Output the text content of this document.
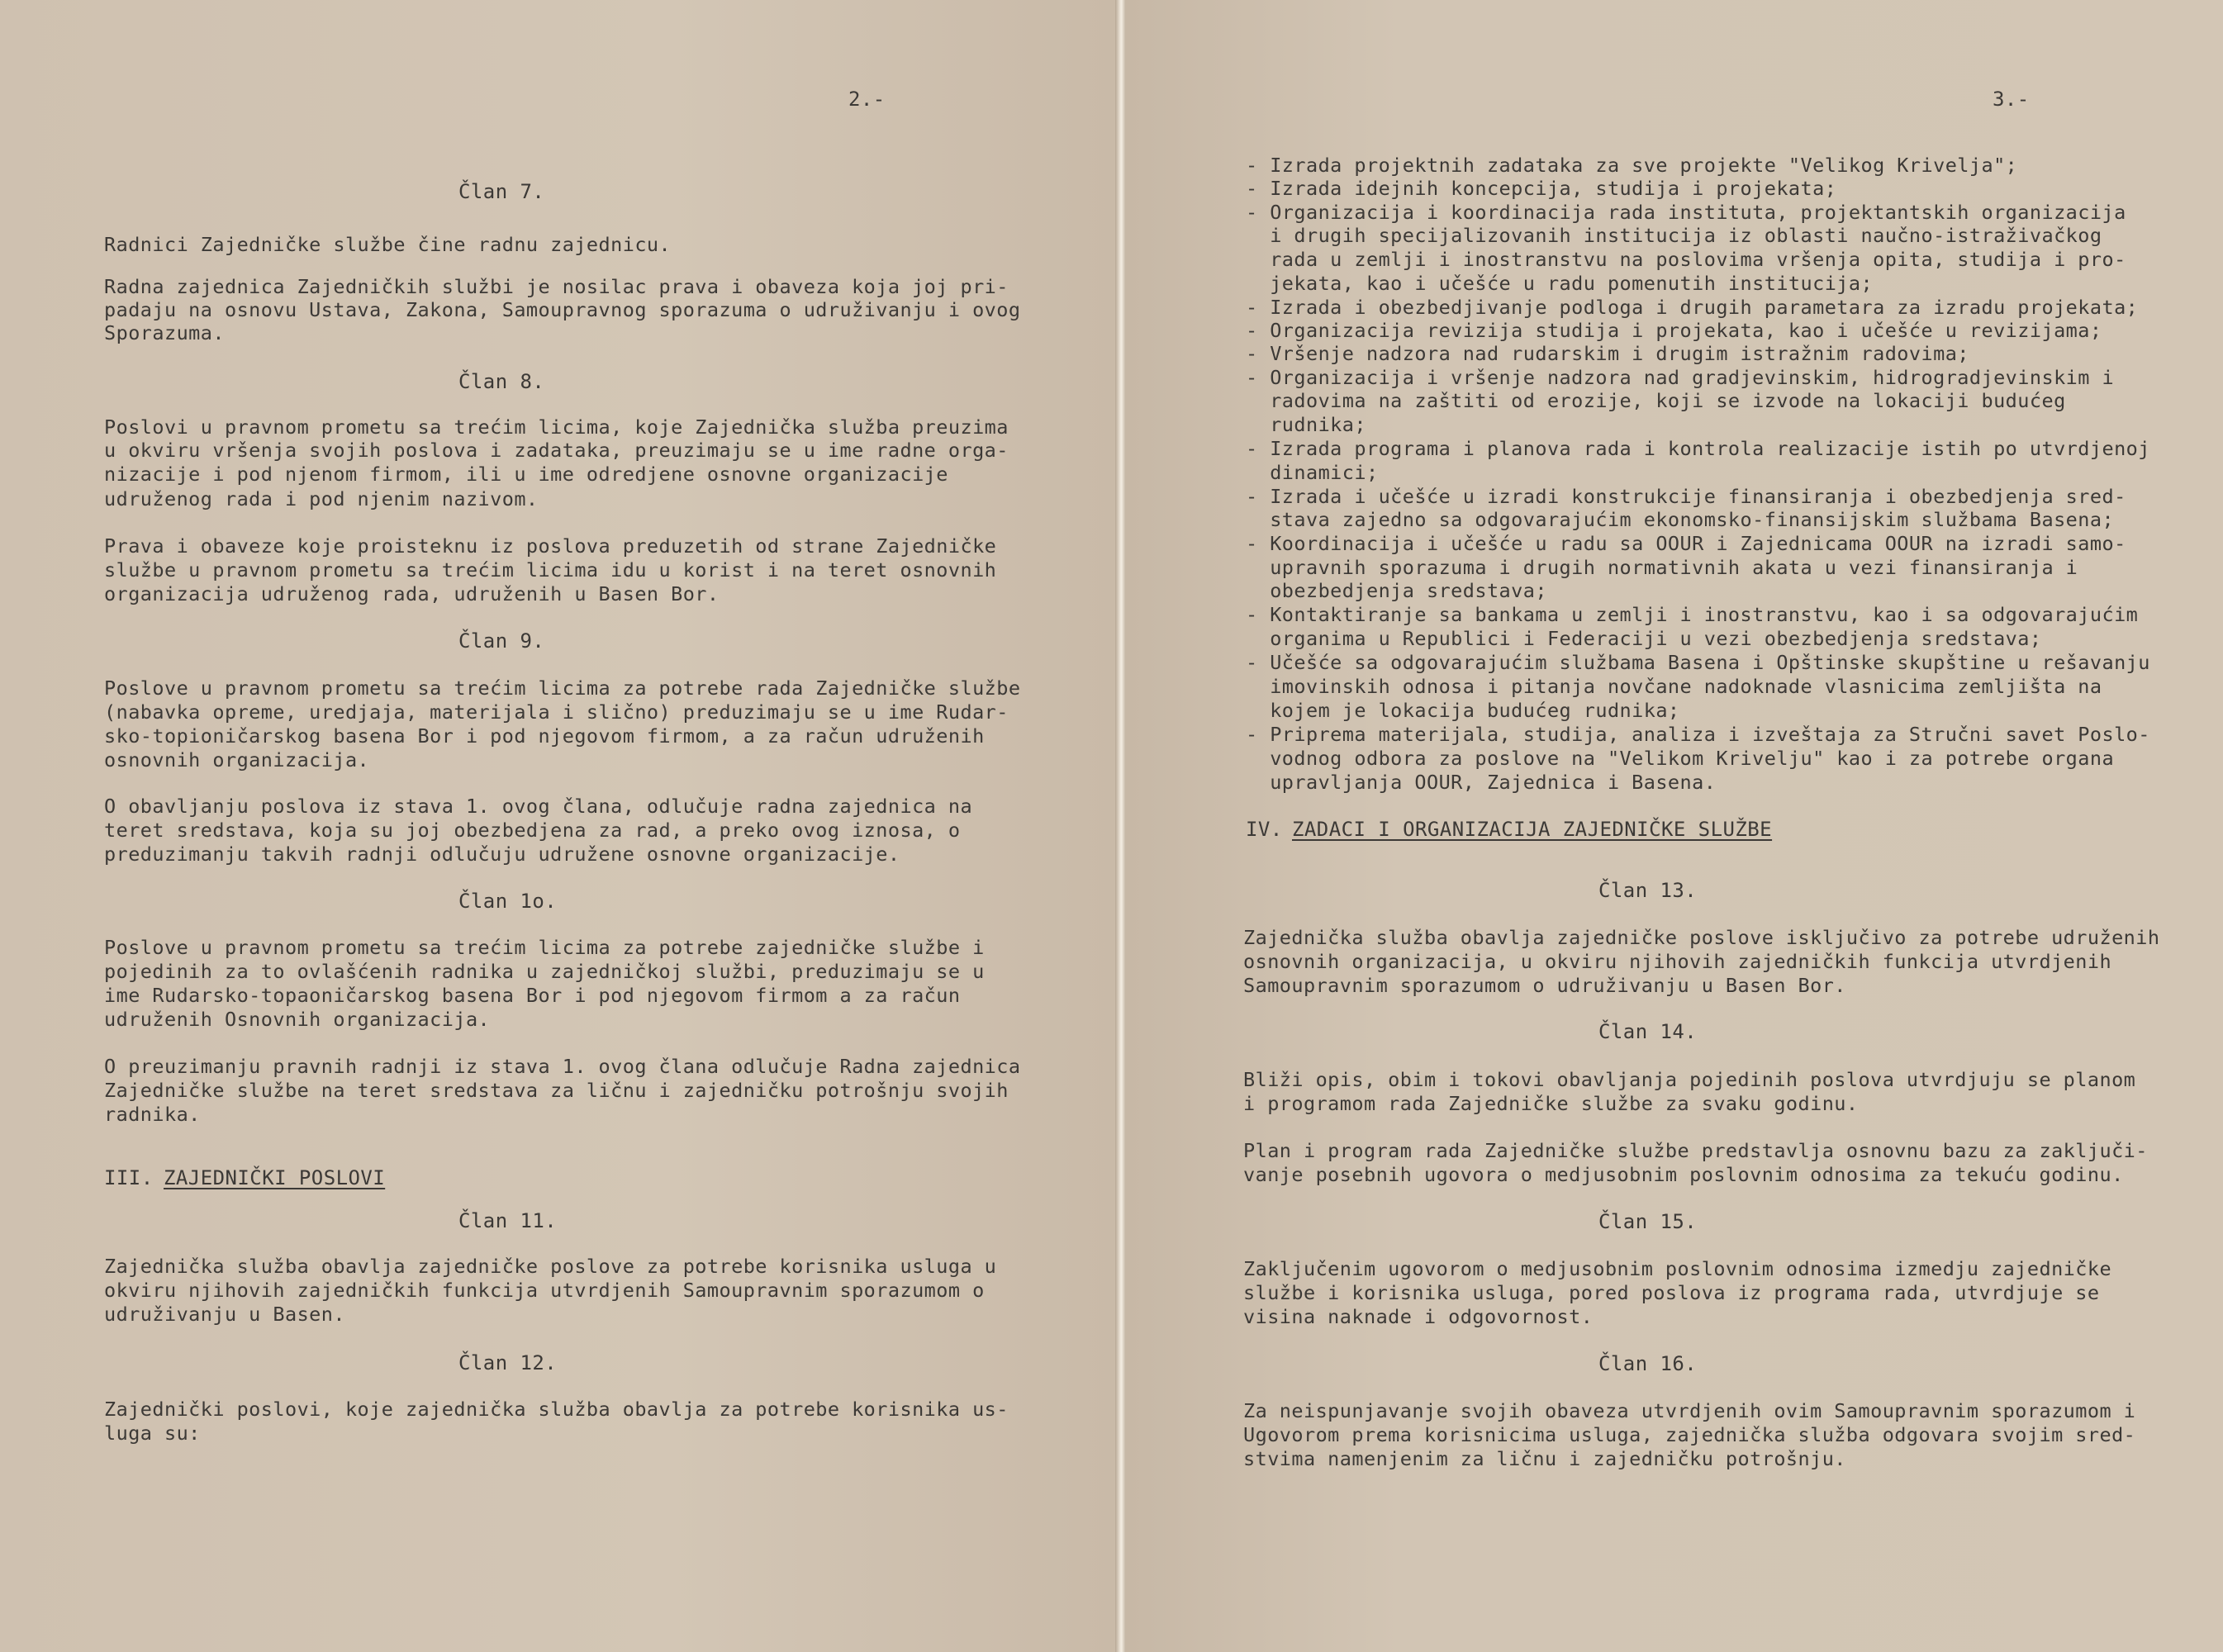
2.-
Član 7.
Radnici Zajedničke službe čine radnu zajednicu.
Radna zajednica Zajedničkih službi je nosilac prava i obaveza koja joj pri-
padaju na osnovu Ustava, Zakona, Samoupravnog sporazuma o udruživanju i ovog
Sporazuma.
Član 8.
Poslovi u pravnom prometu sa trećim licima, koje Zajednička služba preuzima
u okviru vršenja svojih poslova i zadataka, preuzimaju se u ime radne orga-
nizacije i pod njenom firmom, ili u ime odredjene osnovne organizacije
udruženog rada i pod njenim nazivom.
Prava i obaveze koje proisteknu iz poslova preduzetih od strane Zajedničke
službe u pravnom prometu sa trećim licima idu u korist i na teret osnovnih
organizacija udruženog rada, udruženih u Basen Bor.
Član 9.
Poslove u pravnom prometu sa trećim licima za potrebe rada Zajedničke službe
(nabavka opreme, uredjaja, materijala i slično) preduzimaju se u ime Rudar-
sko-topioničarskog basena Bor i pod njegovom firmom, a za račun udruženih
osnovnih organizacija.
O obavljanju poslova iz stava 1. ovog člana, odlučuje radna zajednica na
teret sredstava, koja su joj obezbedjena za rad, a preko ovog iznosa, o
preduzimanju takvih radnji odlučuju udružene osnovne organizacije.
Član 1o.
Poslove u pravnom prometu sa trećim licima za potrebe zajedničke službe i
pojedinih za to ovlašćenih radnika u zajedničkoj službi, preduzimaju se u
ime Rudarsko-topaoničarskog basena Bor i pod njegovom firmom a za račun
udruženih Osnovnih organizacija.
O preuzimanju pravnih radnji iz stava 1. ovog člana odlučuje Radna zajednica
Zajedničke službe na teret sredstava za ličnu i zajedničku potrošnju svojih
radnika.
III. ZAJEDNIČKI POSLOVI
Član 11.
Zajednička služba obavlja zajedničke poslove za potrebe korisnika usluga u
okviru njihovih zajedničkih funkcija utvrdjenih Samoupravnim sporazumom o
udruživanju u Basen.
Član 12.
Zajednički poslovi, koje zajednička služba obavlja za potrebe korisnika us-
luga su:
3.-
- Izrada projektnih zadataka za sve projekte "Velikog Krivelja";
- Izrada idejnih koncepcija, studija i projekata;
- Organizacija i koordinacija rada instituta, projektantskih organizacija
i drugih specijalizovanih institucija iz oblasti naučno-istraživačkog
rada u zemlji i inostranstvu na poslovima vršenja opita, studija i pro-
jekata, kao i učešće u radu pomenutih institucija;
- Izrada i obezbedjivanje podloga i drugih parametara za izradu projekata;
- Organizacija revizija studija i projekata, kao i učešće u revizijama;
- Vršenje nadzora nad rudarskim i drugim istražnim radovima;
- Organizacija i vršenje nadzora nad gradjevinskim, hidrogradjevinskim i
radovima na zaštiti od erozije, koji se izvode na lokaciji budućeg
rudnika;
- Izrada programa i planova rada i kontrola realizacije istih po utvrdjenoj
dinamici;
- Izrada i učešće u izradi konstrukcije finansiranja i obezbedjenja sred-
stava zajedno sa odgovarajućim ekonomsko-finansijskim službama Basena;
- Koordinacija i učešće u radu sa OOUR i Zajednicama OOUR na izradi samo-
upravnih sporazuma i drugih normativnih akata u vezi finansiranja i
obezbedjenja sredstava;
- Kontaktiranje sa bankama u zemlji i inostranstvu, kao i sa odgovarajućim
organima u Republici i Federaciji u vezi obezbedjenja sredstava;
- Učešće sa odgovarajućim službama Basena i Opštinske skupštine u rešavanju
imovinskih odnosa i pitanja novčane nadoknade vlasnicima zemljišta na
kojem je lokacija budućeg rudnika;
- Priprema materijala, studija, analiza i izveštaja za Stručni savet Poslo-
vodnog odbora za poslove na "Velikom Krivelju" kao i za potrebe organa
upravljanja OOUR, Zajednica i Basena.
IV. ZADACI I ORGANIZACIJA ZAJEDNIČKE SLUŽBE
Član 13.
Zajednička služba obavlja zajedničke poslove isključivo za potrebe udruženih
osnovnih organizacija, u okviru njihovih zajedničkih funkcija utvrdjenih
Samoupravnim sporazumom o udruživanju u Basen Bor.
Član 14.
Bliži opis, obim i tokovi obavljanja pojedinih poslova utvrdjuju se planom
i programom rada Zajedničke službe za svaku godinu.
Plan i program rada Zajedničke službe predstavlja osnovnu bazu za zaključi-
vanje posebnih ugovora o medjusobnim poslovnim odnosima za tekuću godinu.
Član 15.
Zaključenim ugovorom o medjusobnim poslovnim odnosima izmedju zajedničke
službe i korisnika usluga, pored poslova iz programa rada, utvrdjuje se
visina naknade i odgovornost.
Član 16.
Za neispunjavanje svojih obaveza utvrdjenih ovim Samoupravnim sporazumom i
Ugovorom prema korisnicima usluga, zajednička služba odgovara svojim sred-
stvima namenjenim za ličnu i zajedničku potrošnju.
